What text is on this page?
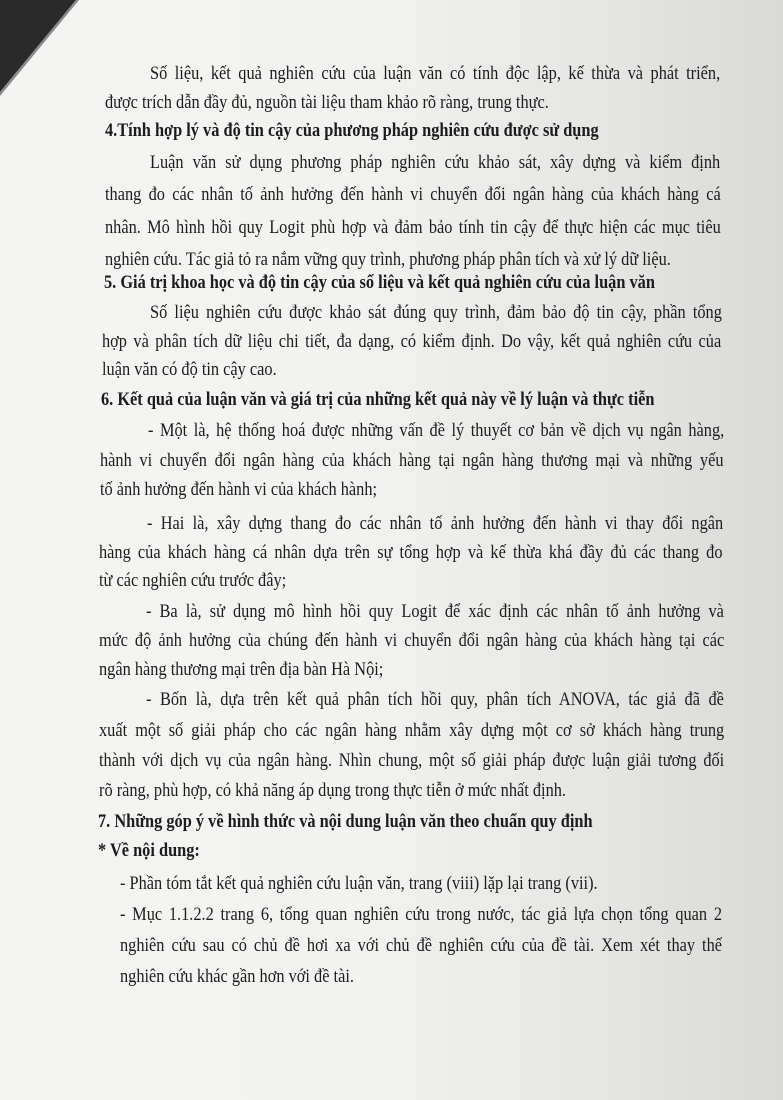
Số liệu, kết quả nghiên cứu của luận văn có tính độc lập, kế thừa và phát triển,
được trích dẫn đầy đủ, nguồn tài liệu tham khảo rõ ràng, trung thực.
4.Tính hợp lý và độ tin cậy của phương pháp nghiên cứu được sử dụng
Luận văn sử dụng phương pháp nghiên cứu khảo sát, xây dựng và kiểm định
thang đo các nhân tố ảnh hưởng đến hành vi chuyển đổi ngân hàng của khách hàng cá
nhân. Mô hình hồi quy Logit phù hợp và đảm bảo tính tin cậy để thực hiện các mục tiêu
nghiên cứu. Tác giả tỏ ra nắm vững quy trình, phương pháp phân tích và xử lý dữ liệu.
5. Giá trị khoa học và độ tin cậy của số liệu và kết quả nghiên cứu của luận văn
Số liệu nghiên cứu được khảo sát đúng quy trình, đảm bảo độ tin cậy, phần tổng
hợp và phân tích dữ liệu chi tiết, đa dạng, có kiểm định. Do vậy, kết quả nghiên cứu của
luận văn có độ tin cậy cao.
6. Kết quả của luận văn và giá trị của những kết quả này về lý luận và thực tiễn
- Một là, hệ thống hoá được những vấn đề lý thuyết cơ bản về dịch vụ ngân hàng,
hành vi chuyển đổi ngân hàng của khách hàng tại ngân hàng thương mại và những yếu
tố ảnh hưởng đến hành vi của khách hành;
- Hai là, xây dựng thang đo các nhân tố ảnh hưởng đến hành vi thay đổi ngân
hàng của khách hàng cá nhân dựa trên sự tổng hợp và kế thừa khá đầy đủ các thang đo
từ các nghiên cứu trước đây;
- Ba là, sử dụng mô hình hồi quy Logit để xác định các nhân tố ảnh hưởng và
mức độ ảnh hưởng của chúng đến hành vi chuyển đổi ngân hàng của khách hàng tại các
ngân hàng thương mại trên địa bàn Hà Nội;
- Bốn là, dựa trên kết quả phân tích hồi quy, phân tích ANOVA, tác giả đã đề
xuất một số giải pháp cho các ngân hàng nhằm xây dựng một cơ sở khách hàng trung
thành với dịch vụ của ngân hàng. Nhìn chung, một số giải pháp được luận giải tương đối
rõ ràng, phù hợp, có khả năng áp dụng trong thực tiễn ở mức nhất định.
7. Những góp ý về hình thức và nội dung luận văn theo chuẩn quy định
* Về nội dung:
- Phần tóm tắt kết quả nghiên cứu luận văn, trang (viii) lặp lại trang (vii).
- Mục 1.1.2.2 trang 6, tổng quan nghiên cứu trong nước, tác giả lựa chọn tổng quan 2
nghiên cứu sau có chủ đề hơi xa với chủ đề nghiên cứu của đề tài. Xem xét thay thế
nghiên cứu khác gần hơn với đề tài.
